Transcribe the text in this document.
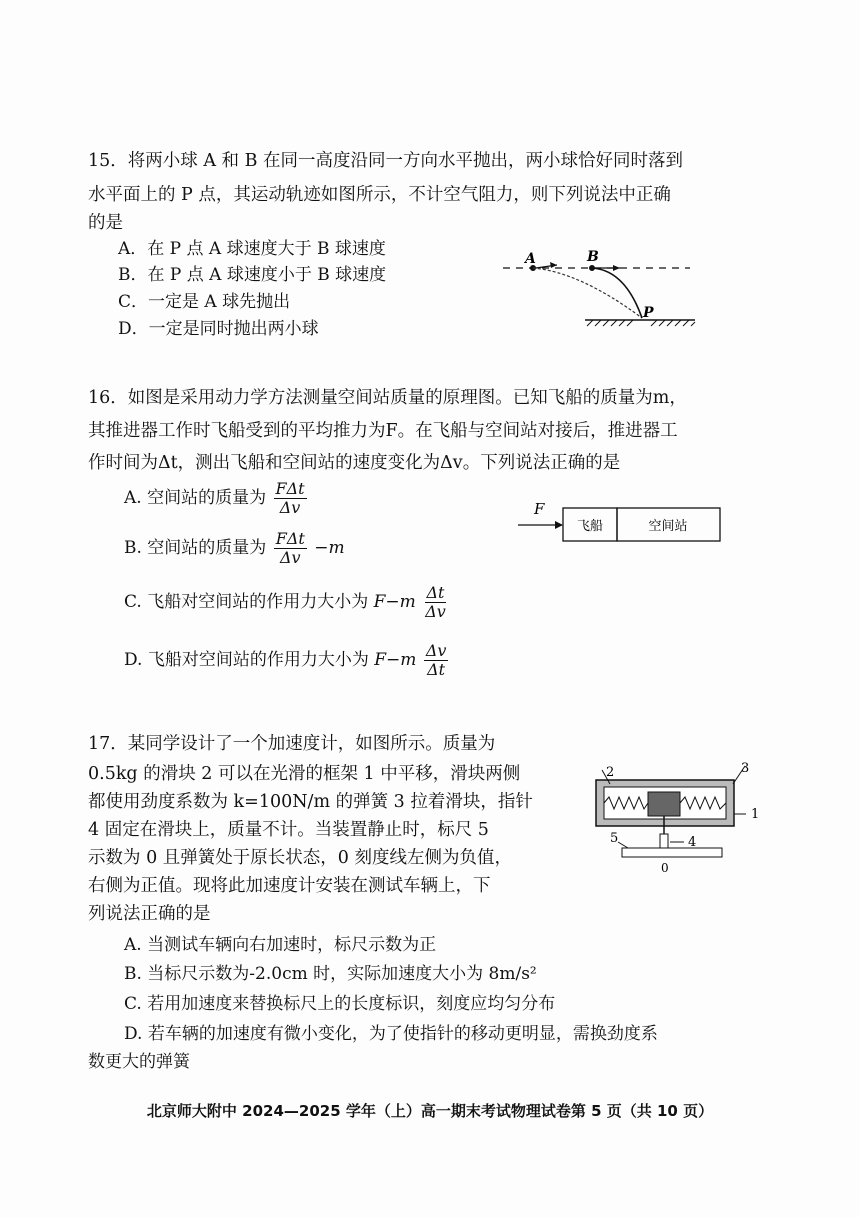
15．将两小球 A 和 B 在同一高度沿同一方向水平抛出，两小球恰好同时落到
水平面上的 P 点，其运动轨迹如图所示，不计空气阻力，则下列说法中正确
的是
A．在 P 点 A 球速度大于 B 球速度
B．在 P 点 A 球速度小于 B 球速度
C．一定是 A 球先抛出
D．一定是同时抛出两小球
A	B
P
16．如图是采用动力学方法测量空间站质量的原理图。已知飞船的质量为m，
其推进器工作时飞船受到的平均推力为F。在飞船与空间站对接后，推进器工
作时间为Δt，测出飞船和空间站的速度变化为Δv。下列说法正确的是
A. 空间站的质量为 $\frac{\text{FΔt}}{\Delta v}$
B. 空间站的质量为 $\frac{\text{FΔt}}{\Delta v} -m$
C. 飞船对空间站的作用力大小为 $F-m \frac{\Delta t}{\Delta v}$
D. 飞船对空间站的作用力大小为 $F-m \frac{\Delta v}{\Delta t}$
F
飞船	空间站
17．某同学设计了一个加速度计，如图所示。质量为
0.5kg 的滑块 2 可以在光滑的框架 1 中平移，滑块两侧
都使用劲度系数为 k=100N/m 的弹簧 3 拉着滑块，指针
4 固定在滑块上，质量不计。当装置静止时，标尺 5
示数为 0 且弹簧处于原长状态，0 刻度线左侧为负值，
右侧为正值。现将此加速度计安装在测试车辆上，下
列说法正确的是
A. 当测试车辆向右加速时，标尺示数为正
B. 当标尺示数为-2.0cm 时，实际加速度大小为 8m/s²
C. 若用加速度来替换标尺上的长度标识，刻度应均匀分布
D. 若车辆的加速度有微小变化，为了使指针的移动更明显，需换劲度系
数更大的弹簧
2	3
1
4
5
0
北京师大附中 2024—2025 学年（上）高一期末考试物理试卷第 5 页（共 10 页）
